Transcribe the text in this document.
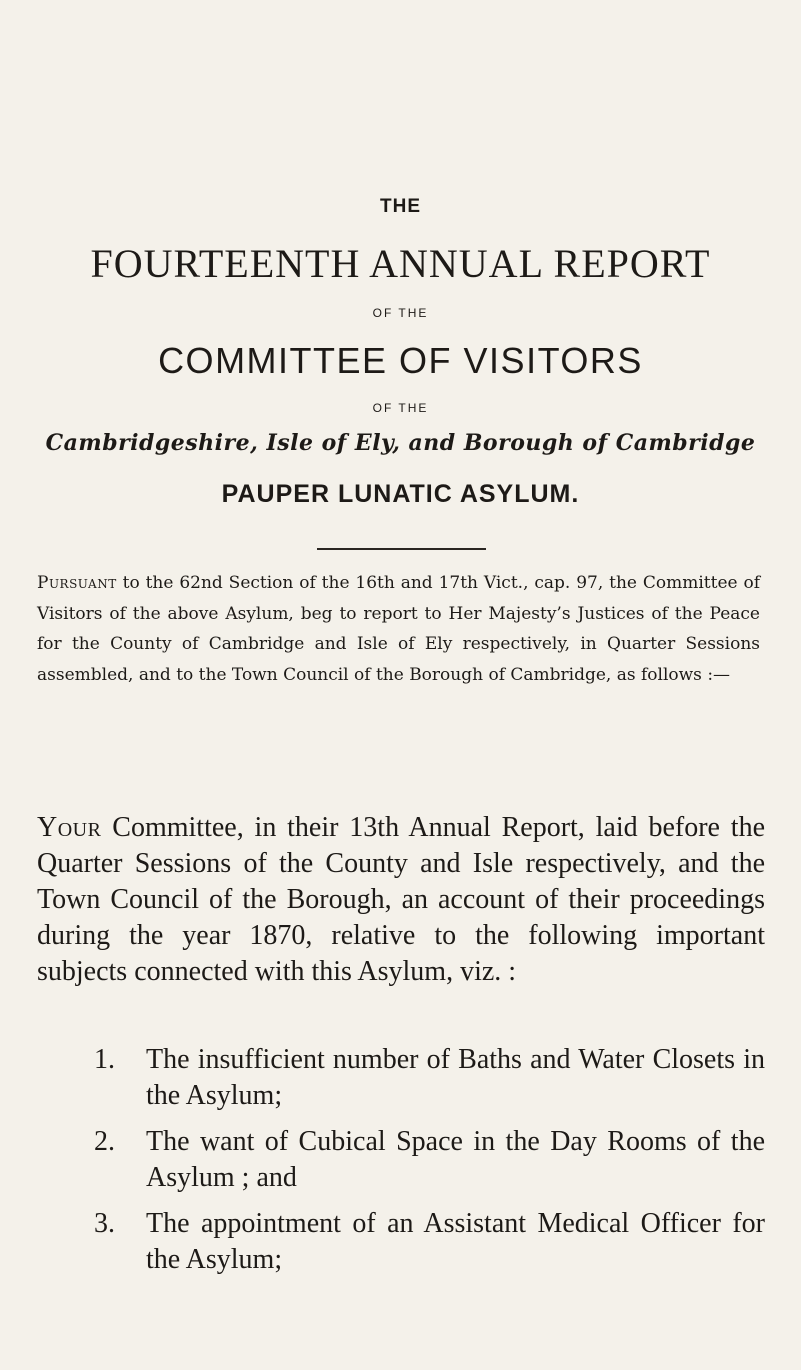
THE
FOURTEENTH ANNUAL REPORT
OF THE
COMMITTEE OF VISITORS
OF THE
Cambridgeshire, Isle of Ely, and Borough of Cambridge
PAUPER LUNATIC ASYLUM.

Pursuant to the 62nd Section of the 16th and 17th Vict., cap. 97, the Committee of Visitors of the above Asylum, beg to report to Her Majesty’s Justices of the Peace for the County of Cambridge and Isle of Ely respectively, in Quarter Sessions assembled, and to the Town Council of the Borough of Cambridge, as follows :—

Your Committee, in their 13th Annual Report, laid before the Quarter Sessions of the County and Isle respectively, and the Town Council of the Borough, an account of their proceedings during the year 1870, relative to the following important subjects connected with this Asylum, viz. :

1. The insufficient number of Baths and Water Closets in the Asylum;
2. The want of Cubical Space in the Day Rooms of the Asylum ; and
3. The appointment of an Assistant Medical Officer for the Asylum;
